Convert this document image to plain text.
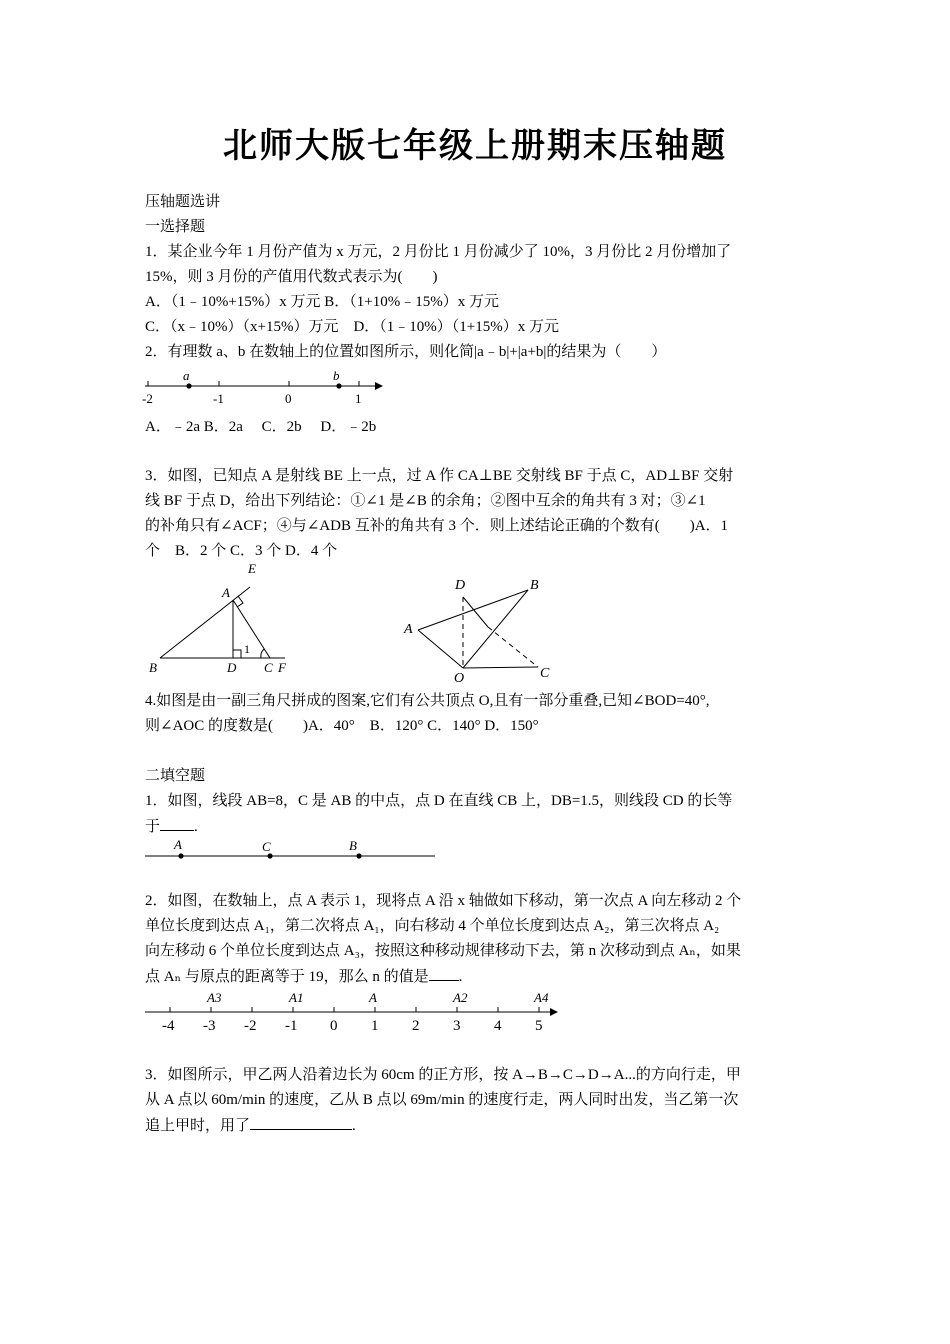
北师大版七年级上册期末压轴题
压轴题选讲
一选择题
1．某企业今年 1 月份产值为 x 万元，2 月份比 1 月份减少了 10%，3 月份比 2 月份增加了
15%，则 3 月份的产值用代数式表示为(　　)
A．（1﹣10%+15%）x 万元 B．（1+10%﹣15%）x 万元
C．（x﹣10%）（x+15%）万元　D．（1﹣10%）（1+15%）x 万元
2．有理数 a、b 在数轴上的位置如图所示，则化简|a﹣b|+|a+b|的结果为（　　）
a	b
-2	-1	0	1
A．﹣2a B．2a　 C．2b　 D．﹣2b
3．如图，已知点 A 是射线 BE 上一点，过 A 作 CA⊥BE 交射线 BF 于点 C，AD⊥BF 交射
线 BF 于点 D，给出下列结论：①∠1 是∠B 的余角；②图中互余的角共有 3 对；③∠1
的补角只有∠ACF；④与∠ADB 互补的角共有 3 个．则上述结论正确的个数有(　　)A．1
个　B．2 个 C．3 个 D．4 个
E
A
B	D C F
1
D	B
A
O	C
4.如图是由一副三角尺拼成的图案,它们有公共顶点 O,且有一部分重叠,已知∠BOD=40°,
则∠AOC 的度数是(　　)A．40°　B．120° C．140° D．150°
二填空题
1．如图，线段 AB=8，C 是 AB 的中点，点 D 在直线 CB 上，DB=1.5，则线段 CD 的长等
于 .
A	C	B
2．如图，在数轴上，点 A 表示 1，现将点 A 沿 x 轴做如下移动，第一次点 A 向左移动 2 个
单位长度到达点 A₁，第二次将点 A₁，向右移动 4 个单位长度到达点 A₂，第三次将点 A₂
向左移动 6 个单位长度到达点 A₃，按照这种移动规律移动下去，第 n 次移动到点 Aₙ，如果
点 Aₙ 与原点的距离等于 19，那么 n 的值是 .
A3	A1	A	A2	A4
-4 -3 -2 -1 0 1 2 3 4 5
3．如图所示，甲乙两人沿着边长为 60cm 的正方形，按 A→B→C→D→A...的方向行走，甲
从 A 点以 60m/min 的速度，乙从 B 点以 69m/min 的速度行走，两人同时出发，当乙第一次
追上甲时，用了	.
